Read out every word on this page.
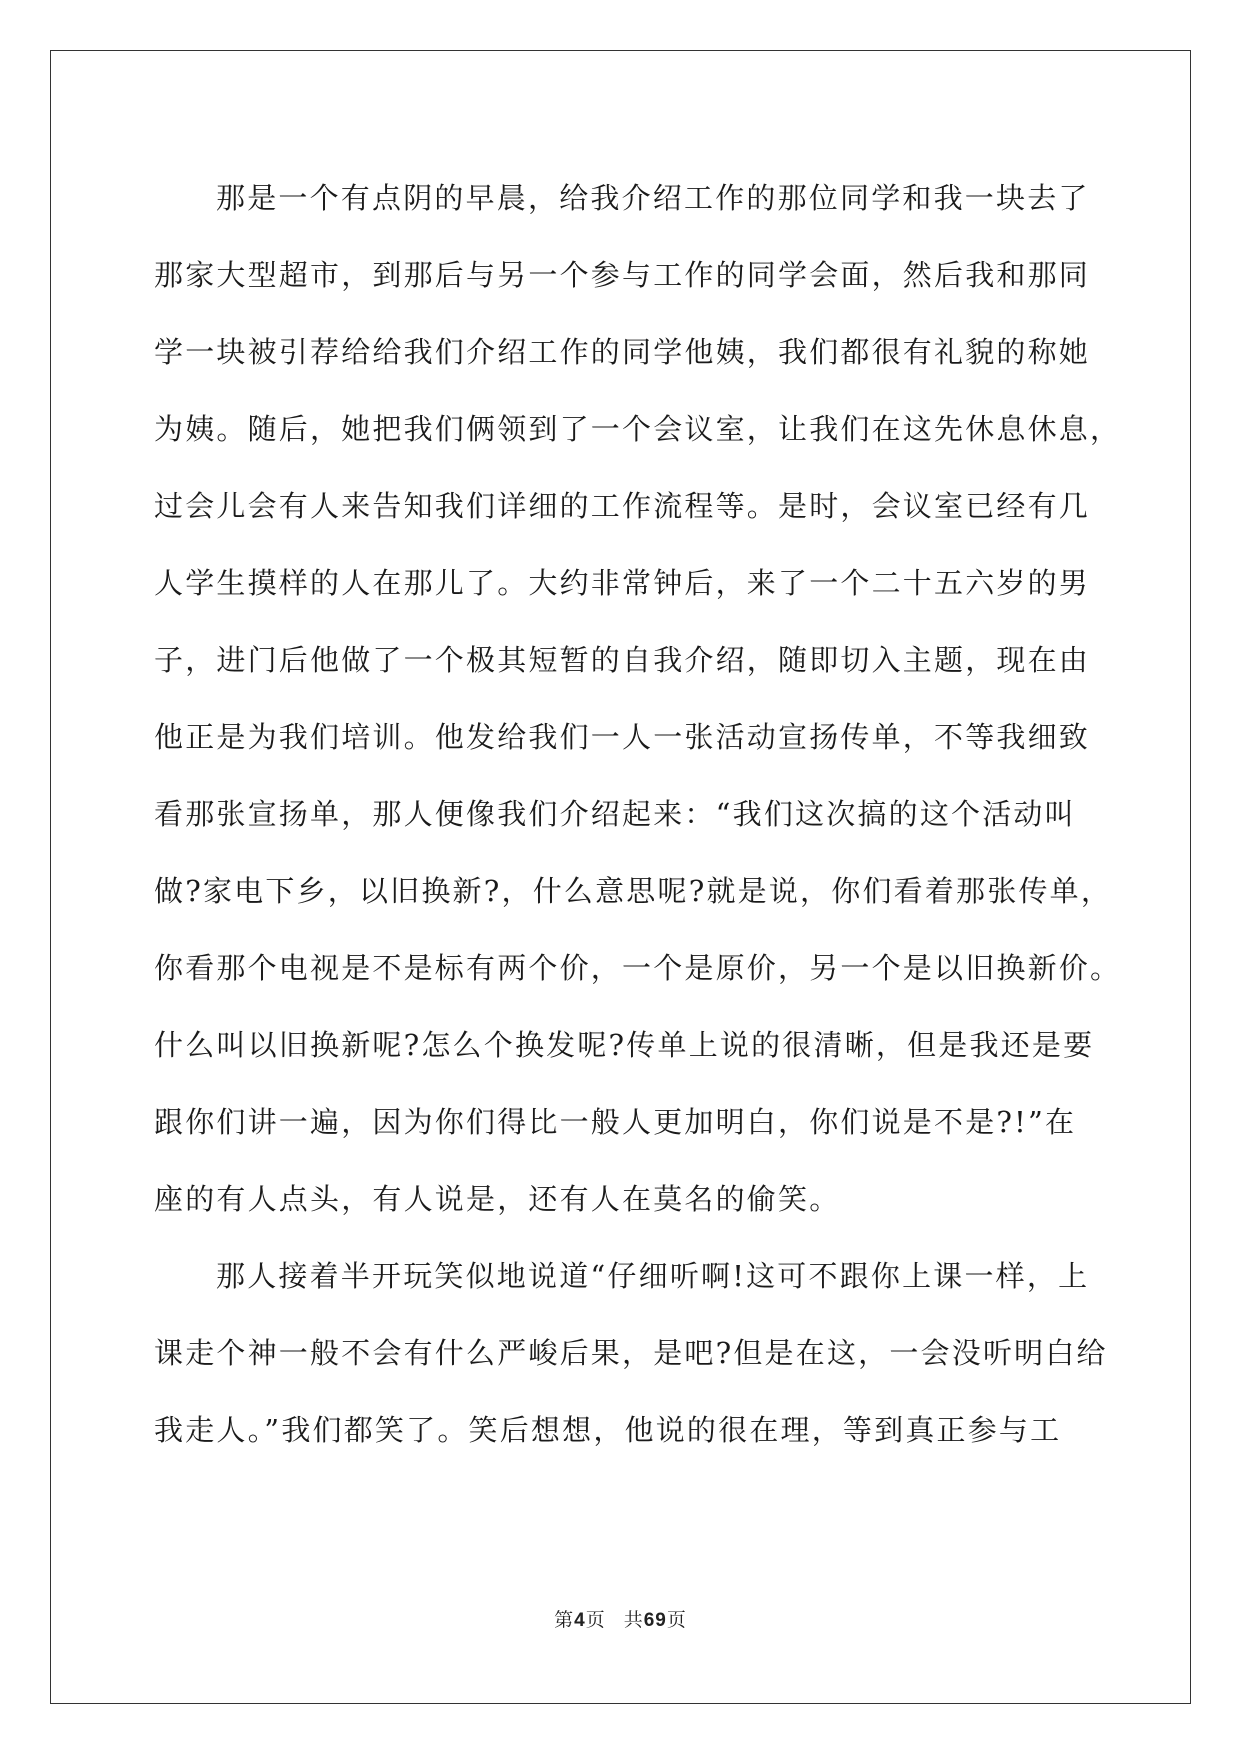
那是一个有点阴的早晨，给我介绍工作的那位同学和我一块去了
那家大型超市，到那后与另一个参与工作的同学会面，然后我和那同
学一块被引荐给给我们介绍工作的同学他姨，我们都很有礼貌的称她
为姨。随后，她把我们俩领到了一个会议室，让我们在这先休息休息，
过会儿会有人来告知我们详细的工作流程等。是时，会议室已经有几
人学生摸样的人在那儿了。大约非常钟后，来了一个二十五六岁的男
子，进门后他做了一个极其短暂的自我介绍，随即切入主题，现在由
他正是为我们培训。他发给我们一人一张活动宣扬传单，不等我细致
看那张宣扬单，那人便像我们介绍起来：“我们这次搞的这个活动叫
做?家电下乡，以旧换新?，什么意思呢?就是说，你们看着那张传单，
你看那个电视是不是标有两个价，一个是原价，另一个是以旧换新价。
什么叫以旧换新呢?怎么个换发呢?传单上说的很清晰，但是我还是要
跟你们讲一遍，因为你们得比一般人更加明白，你们说是不是?!”在
座的有人点头，有人说是，还有人在莫名的偷笑。

那人接着半开玩笑似地说道“仔细听啊!这可不跟你上课一样，上
课走个神一般不会有什么严峻后果，是吧?但是在这，一会没听明白给
我走人。”我们都笑了。笑后想想，他说的很在理，等到真正参与工

第4页 共69页
